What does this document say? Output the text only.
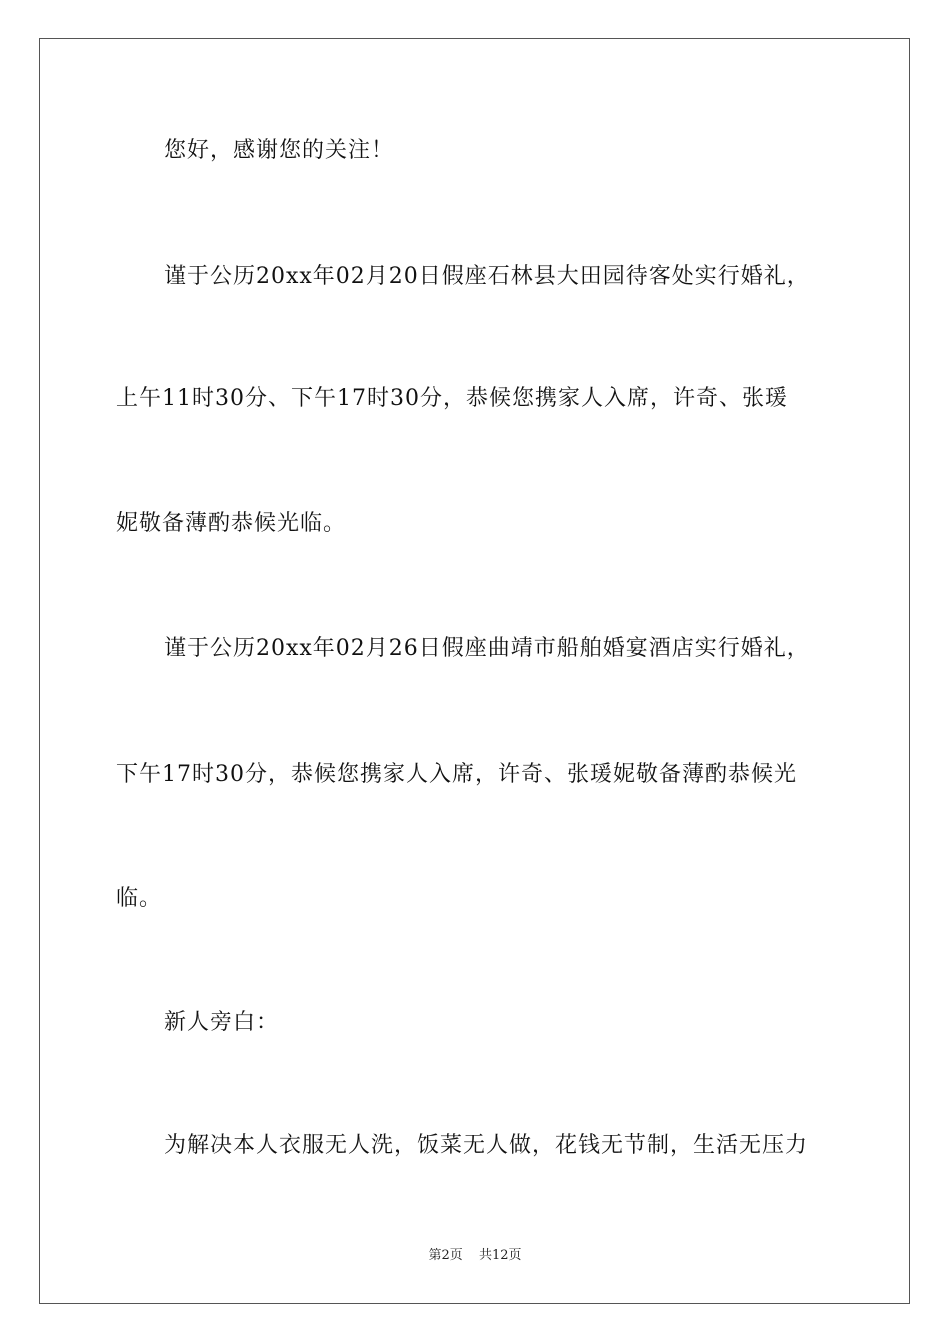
您好，感谢您的关注！
谨于公历20xx年02月20日假座石林县大田园待客处实行婚礼，
上午11时30分、下午17时30分，恭候您携家人入席，许奇、张瑗
妮敬备薄酌恭候光临。
谨于公历20xx年02月26日假座曲靖市船舶婚宴酒店实行婚礼，
下午17时30分，恭候您携家人入席，许奇、张瑗妮敬备薄酌恭候光
临。
新人旁白：
为解决本人衣服无人洗，饭菜无人做，花钱无节制，生活无压力
第2页 共12页
